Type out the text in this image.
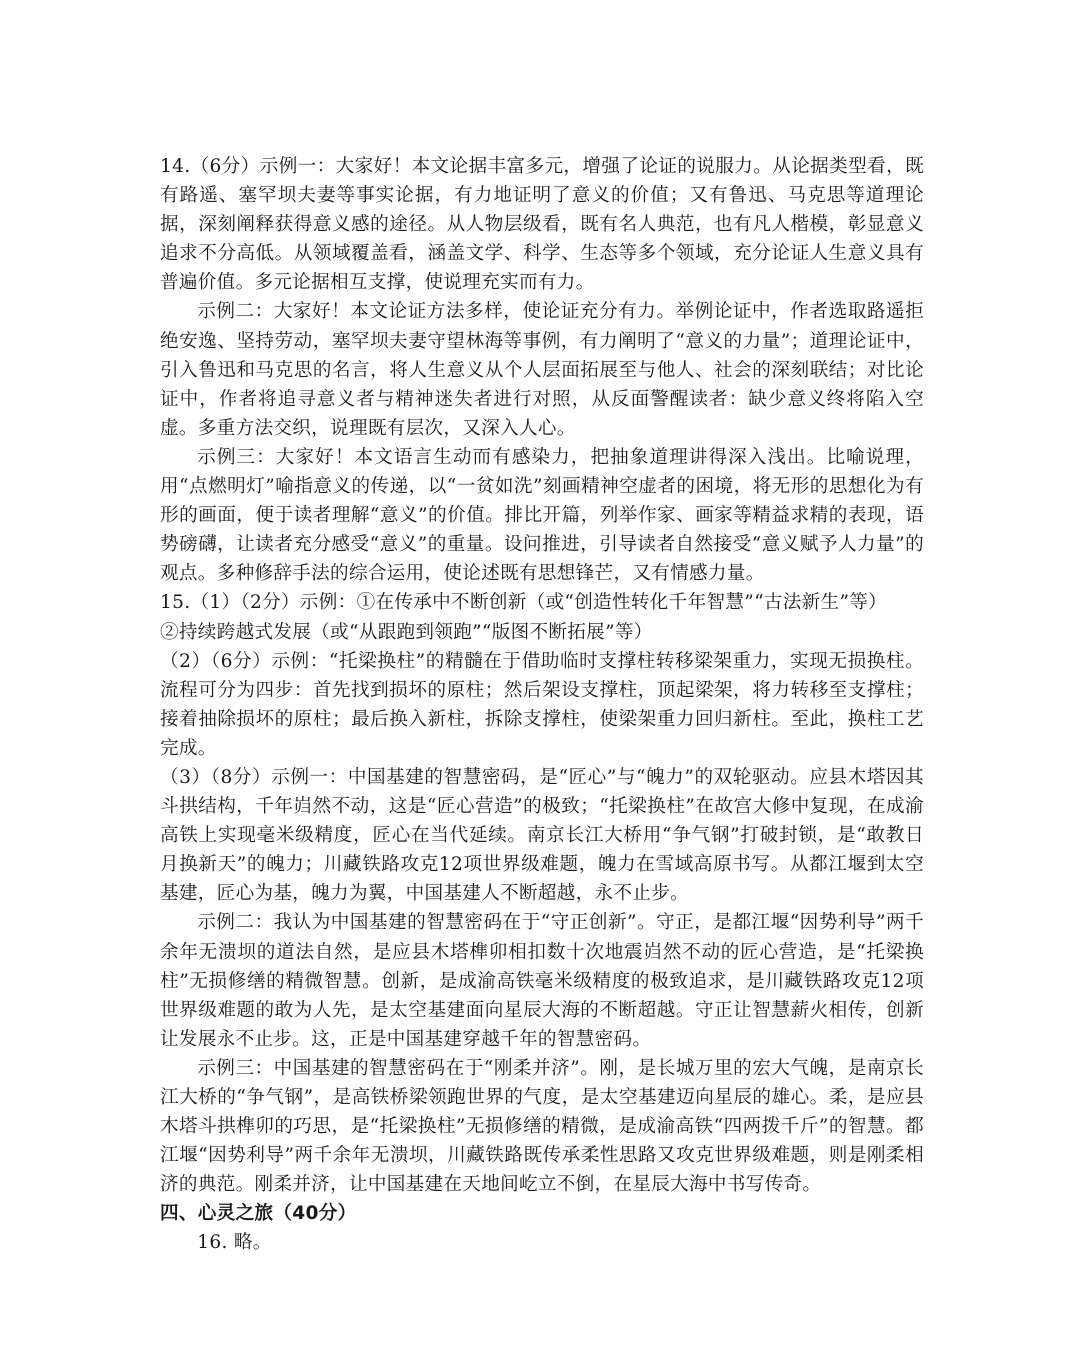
14.（6分）示例一：大家好！本文论据丰富多元，增强了论证的说服力。从论据类型看，既有路遥、塞罕坝夫妻等事实论据，有力地证明了意义的价值；又有鲁迅、马克思等道理论据，深刻阐释获得意义感的途径。从人物层级看，既有名人典范，也有凡人楷模，彰显意义追求不分高低。从领域覆盖看，涵盖文学、科学、生态等多个领域，充分论证人生意义具有普遍价值。多元论据相互支撑，使说理充实而有力。

示例二：大家好！本文论证方法多样，使论证充分有力。举例论证中，作者选取路遥拒绝安逸、坚持劳动，塞罕坝夫妻守望林海等事例，有力阐明了“意义的力量”；道理论证中，引入鲁迅和马克思的名言，将人生意义从个人层面拓展至与他人、社会的深刻联结；对比论证中，作者将追寻意义者与精神迷失者进行对照，从反面警醒读者：缺少意义终将陷入空虚。多重方法交织，说理既有层次，又深入人心。

示例三：大家好！本文语言生动而有感染力，把抽象道理讲得深入浅出。比喻说理，用“点燃明灯”喻指意义的传递，以“一贫如洗”刻画精神空虚者的困境，将无形的思想化为有形的画面，便于读者理解“意义”的价值。排比开篇，列举作家、画家等精益求精的表现，语势磅礴，让读者充分感受“意义”的重量。设问推进，引导读者自然接受“意义赋予人力量”的观点。多种修辞手法的综合运用，使论述既有思想锋芒，又有情感力量。

15.（1）（2分）示例：①在传承中不断创新（或“创造性转化千年智慧”“古法新生”等）

②持续跨越式发展（或“从跟跑到领跑”“版图不断拓展”等）

（2）（6分）示例：“托梁换柱”的精髓在于借助临时支撑柱转移梁架重力，实现无损换柱。流程可分为四步：首先找到损坏的原柱；然后架设支撑柱，顶起梁架，将力转移至支撑柱；接着抽除损坏的原柱；最后换入新柱，拆除支撑柱，使梁架重力回归新柱。至此，换柱工艺完成。

（3）（8分）示例一：中国基建的智慧密码，是“匠心”与“魄力”的双轮驱动。应县木塔因其斗拱结构，千年岿然不动，这是“匠心营造”的极致；“托梁换柱”在故宫大修中复现，在成渝高铁上实现毫米级精度，匠心在当代延续。南京长江大桥用“争气钢”打破封锁，是“敢教日月换新天”的魄力；川藏铁路攻克12项世界级难题，魄力在雪域高原书写。从都江堰到太空基建，匠心为基，魄力为翼，中国基建人不断超越，永不止步。

示例二：我认为中国基建的智慧密码在于“守正创新”。守正，是都江堰“因势利导”两千余年无溃坝的道法自然，是应县木塔榫卯相扣数十次地震岿然不动的匠心营造，是“托梁换柱”无损修缮的精微智慧。创新，是成渝高铁毫米级精度的极致追求，是川藏铁路攻克12项世界级难题的敢为人先，是太空基建面向星辰大海的不断超越。守正让智慧薪火相传，创新让发展永不止步。这，正是中国基建穿越千年的智慧密码。

示例三：中国基建的智慧密码在于“刚柔并济”。刚，是长城万里的宏大气魄，是南京长江大桥的“争气钢”，是高铁桥梁领跑世界的气度，是太空基建迈向星辰的雄心。柔，是应县木塔斗拱榫卯的巧思，是“托梁换柱”无损修缮的精微，是成渝高铁“四两拨千斤”的智慧。都江堰“因势利导”两千余年无溃坝，川藏铁路既传承柔性思路又攻克世界级难题，则是刚柔相济的典范。刚柔并济，让中国基建在天地间屹立不倒，在星辰大海中书写传奇。

四、心灵之旅（40分）

16. 略。
